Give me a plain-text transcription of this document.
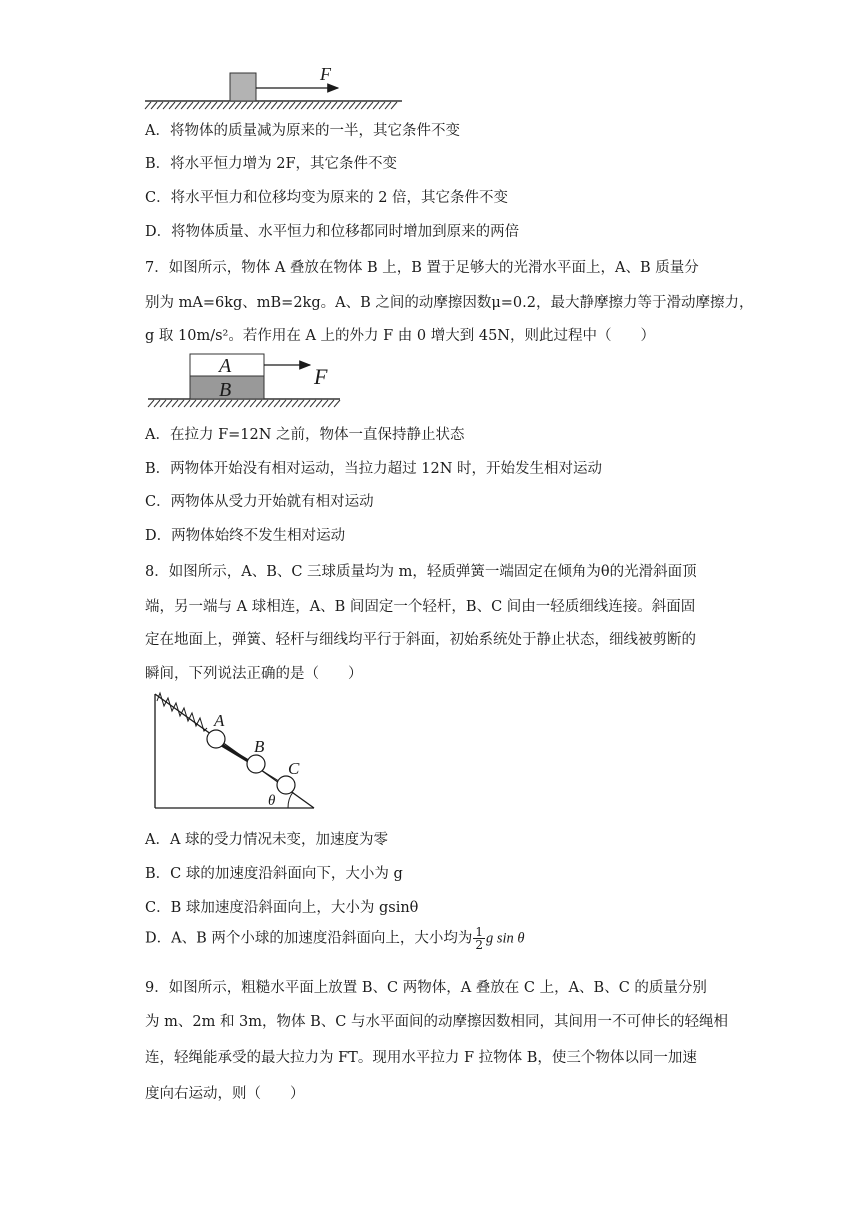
F
A．将物体的质量减为原来的一半，其它条件不变
B．将水平恒力增为 2F，其它条件不变
C．将水平恒力和位移均变为原来的 2 倍，其它条件不变
D．将物体质量、水平恒力和位移都同时增加到原来的两倍
7．如图所示，物体 A 叠放在物体 B 上，B 置于足够大的光滑水平面上，A、B 质量分
别为 mA=6kg、mB=2kg。A、B 之间的动摩擦因数μ=0.2，最大静摩擦力等于滑动摩擦力，
g 取 10m/s²。若作用在 A 上的外力 F 由 0 增大到 45N，则此过程中（　　）
A
B
F
A．在拉力 F=12N 之前，物体一直保持静止状态
B．两物体开始没有相对运动，当拉力超过 12N 时，开始发生相对运动
C．两物体从受力开始就有相对运动
D．两物体始终不发生相对运动
8．如图所示，A、B、C 三球质量均为 m，轻质弹簧一端固定在倾角为θ的光滑斜面顶
端，另一端与 A 球相连，A、B 间固定一个轻杆，B、C 间由一轻质细线连接。斜面固
定在地面上，弹簧、轻杆与细线均平行于斜面，初始系统处于静止状态，细线被剪断的
瞬间，下列说法正确的是（　　）
A
B
C
θ
A．A 球的受力情况未变，加速度为零
B．C 球的加速度沿斜面向下，大小为 g
C．B 球加速度沿斜面向上，大小为 gsinθ
D．A、B 两个小球的加速度沿斜面向上，大小均为 $\frac{1}{2}$ g sin θ
9．如图所示，粗糙水平面上放置 B、C 两物体，A 叠放在 C 上，A、B、C 的质量分别
为 m、2m 和 3m，物体 B、C 与水平面间的动摩擦因数相同，其间用一不可伸长的轻绳相
连，轻绳能承受的最大拉力为 FT。现用水平拉力 F 拉物体 B，使三个物体以同一加速
度向右运动，则（　　）
